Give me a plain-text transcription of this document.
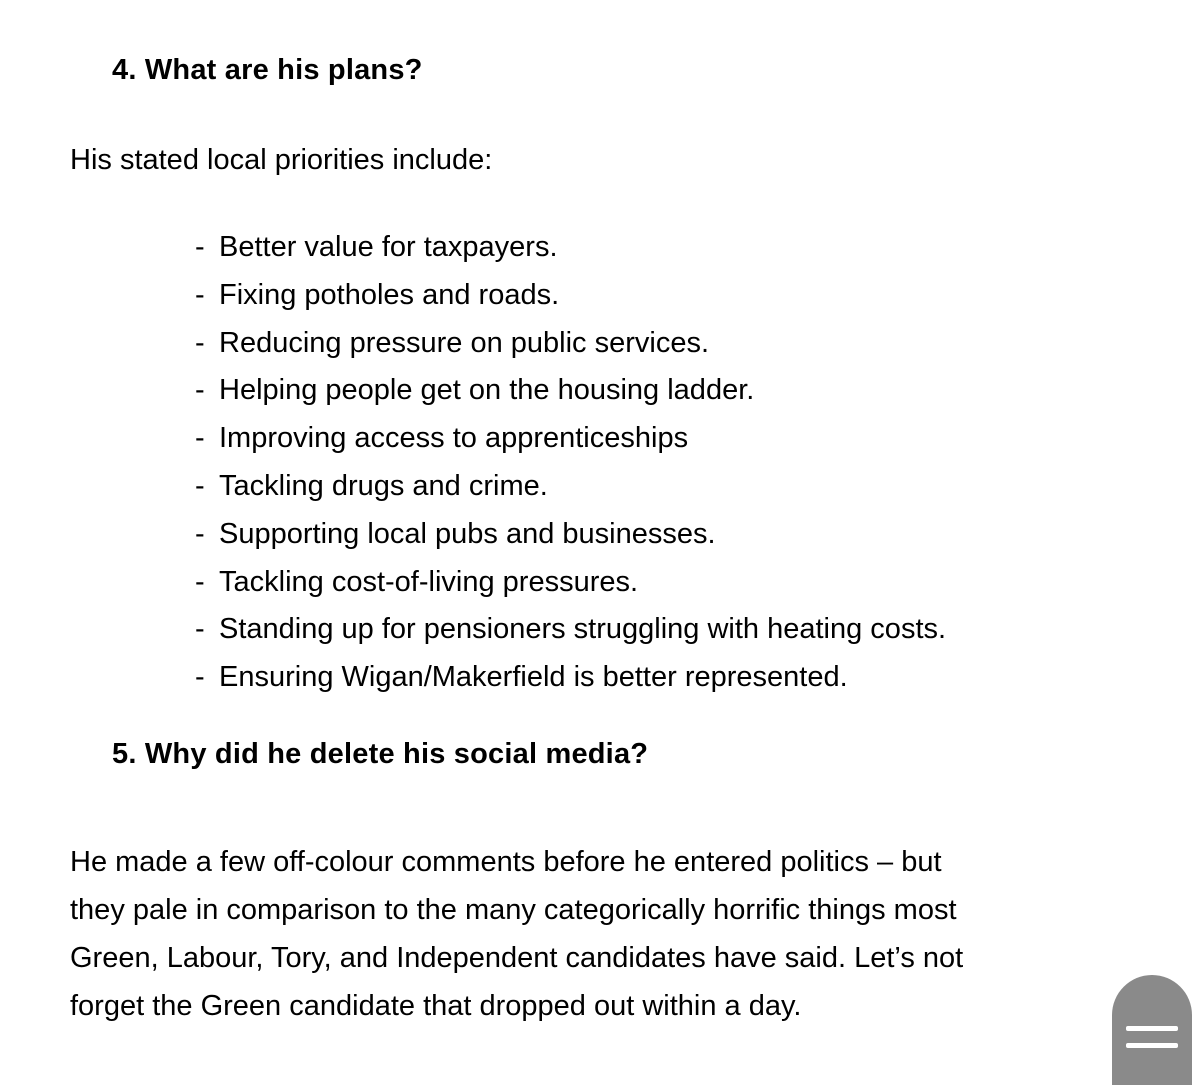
4. What are his plans?

His stated local priorities include:

- Better value for taxpayers.
- Fixing potholes and roads.
- Reducing pressure on public services.
- Helping people get on the housing ladder.
- Improving access to apprenticeships
- Tackling drugs and crime.
- Supporting local pubs and businesses.
- Tackling cost-of-living pressures.
- Standing up for pensioners struggling with heating costs.
- Ensuring Wigan/Makerfield is better represented.
5. Why did he delete his social media?
He made a few off-colour comments before he entered politics – but
they pale in comparison to the many categorically horrific things most
Green, Labour, Tory, and Independent candidates have said. Let’s not
forget the Green candidate that dropped out within a day.
